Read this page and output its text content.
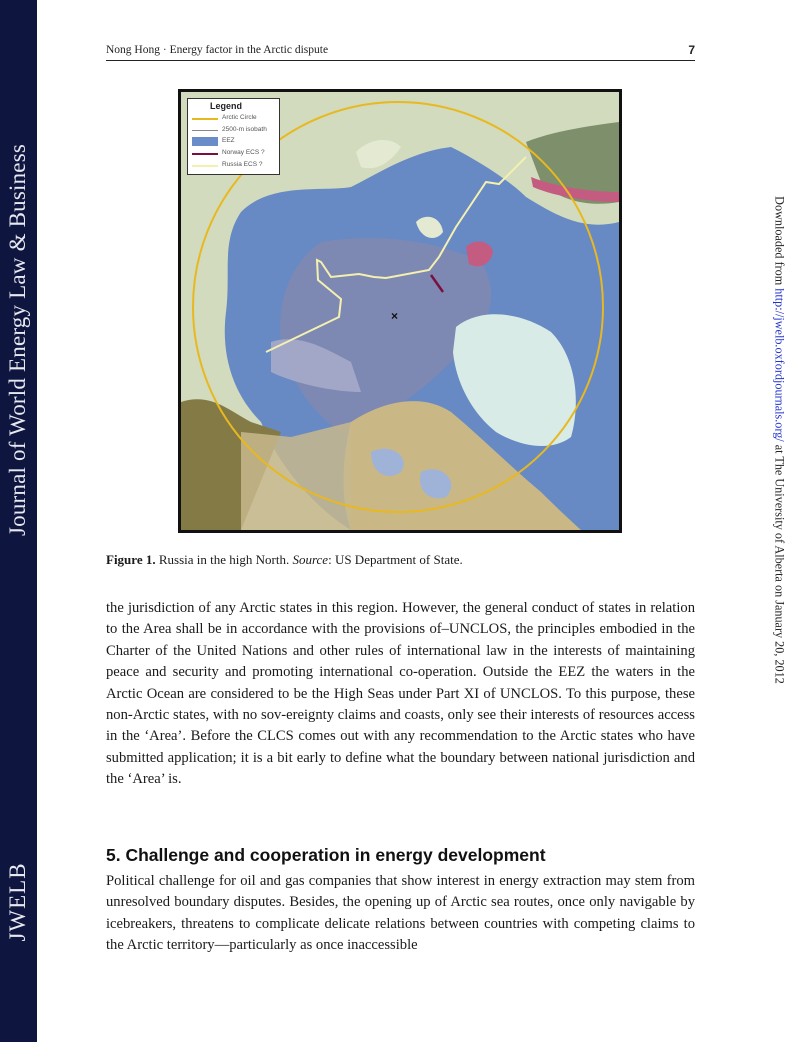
Journal of World Energy Law & Business
JWELB
Nong Hong · Energy factor in the Arctic dispute	7
×
Legend
Arctic Circle
2500-m isobath
EEZ
Norway ECS ?
Russia ECS ?
Figure 1. Russia in the high North. Source: US Department of State.

the jurisdiction of any Arctic states in this region. However, the general conduct of states in relation to the Area shall be in accordance with the provisions of–UNCLOS, the principles embodied in the Charter of the United Nations and other rules of international law in the interests of maintaining peace and security and promoting international co-operation. Outside the EEZ the waters in the Arctic Ocean are considered to be the High Seas under Part XI of UNCLOS. To this purpose, these non-Arctic states, with no sov-ereignty claims and coasts, only see their interests of resources access in the ‘Area’. Before the CLCS comes out with any recommendation to the Arctic states who have submitted application; it is a bit early to define what the boundary between national jurisdiction and the ‘Area’ is.

5. Challenge and cooperation in energy development

Political challenge for oil and gas companies that show interest in energy extraction may stem from unresolved boundary disputes. Besides, the opening up of Arctic sea routes, once only navigable by icebreakers, threatens to complicate delicate relations between countries with competing claims to the Arctic territory—particularly as once inaccessible

Downloaded from http://jwelb.oxfordjournals.org/ at The University of Alberta on January 20, 2012
